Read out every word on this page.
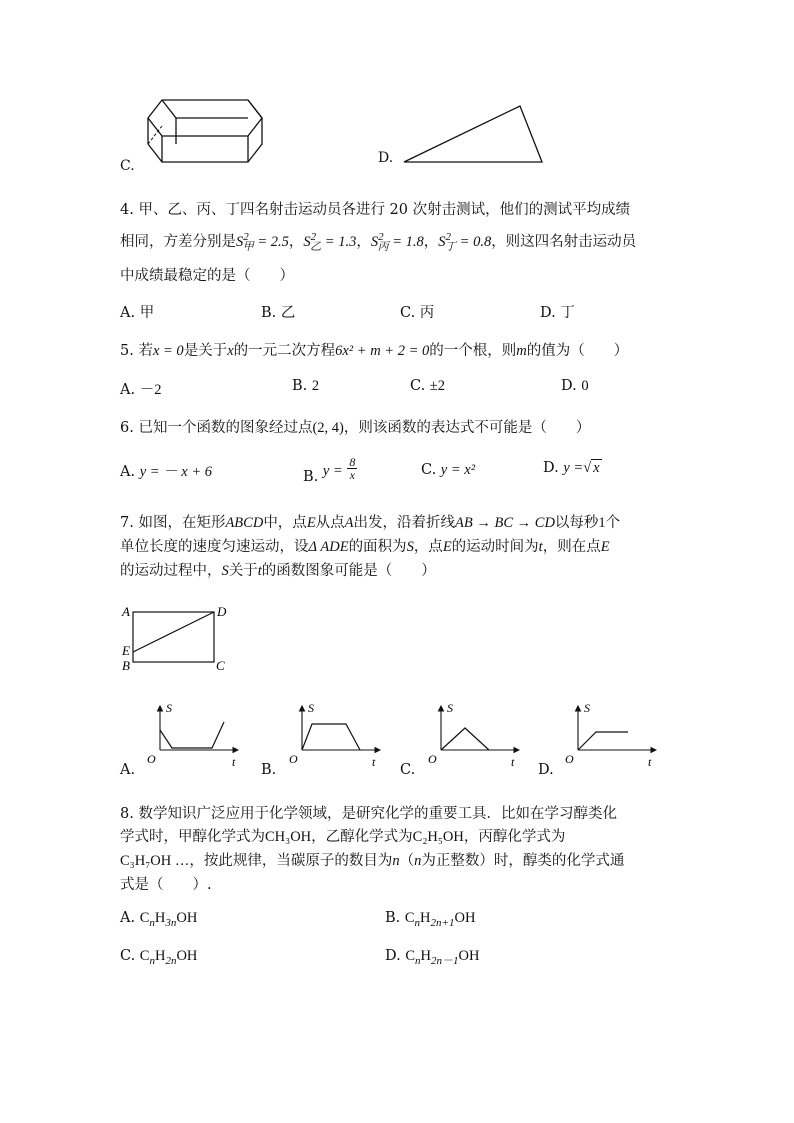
C.	D.
4. 甲、乙、丙、丁四名射击运动员各进行 20 次射击测试，他们的测试平均成绩
相同，方差分别是$S^2_甲 = 2.5$，$S^2_乙 = 1.3$，$S^2_丙 = 1.8$，$S^2_丁 = 0.8$，则这四名射击运动员
中成绩最稳定的是（　　）
A. 甲	B. 乙	C. 丙	D. 丁
5. 若x = 0是关于x的一元二次方程6x² + m + 2 = 0的一个根，则m的值为（　　）
A. －2	B. 2	C. ±2	D. 0
6. 已知一个函数的图象经过点(2, 4)，则该函数的表达式不可能是（　　）
A. y = － x + 6	B. $y = \frac{8}{x}$	C. y = x²	D. y =√ x
7. 如图，在矩形ABCD中，点E从点A出发，沿着折线AB → BC → CD以每秒1个
单位长度的速度匀速运动，设Δ ADE的面积为S，点E的运动时间为t，则在点E
的运动过程中，S关于t的函数图象可能是（　　）
A	D
E
B	C
A.
S
O	t B.
S
O	t C.
S
O	t D.
S
O	t
8. 数学知识广泛应用于化学领域，是研究化学的重要工具．比如在学习醇类化
学式时，甲醇化学式为CH₃OH，乙醇化学式为C₂H₅OH，丙醇化学式为
C₃H₇OH …，按此规律，当碳原子的数目为n（n为正整数）时，醇类的化学式通
式是（　　）.
A. $C_nH_{3n}OH$	B. $C_nH_{2n+1}OH$
C. $C_nH_{2n}OH$	D. $C_nH_{2n-1}OH$
